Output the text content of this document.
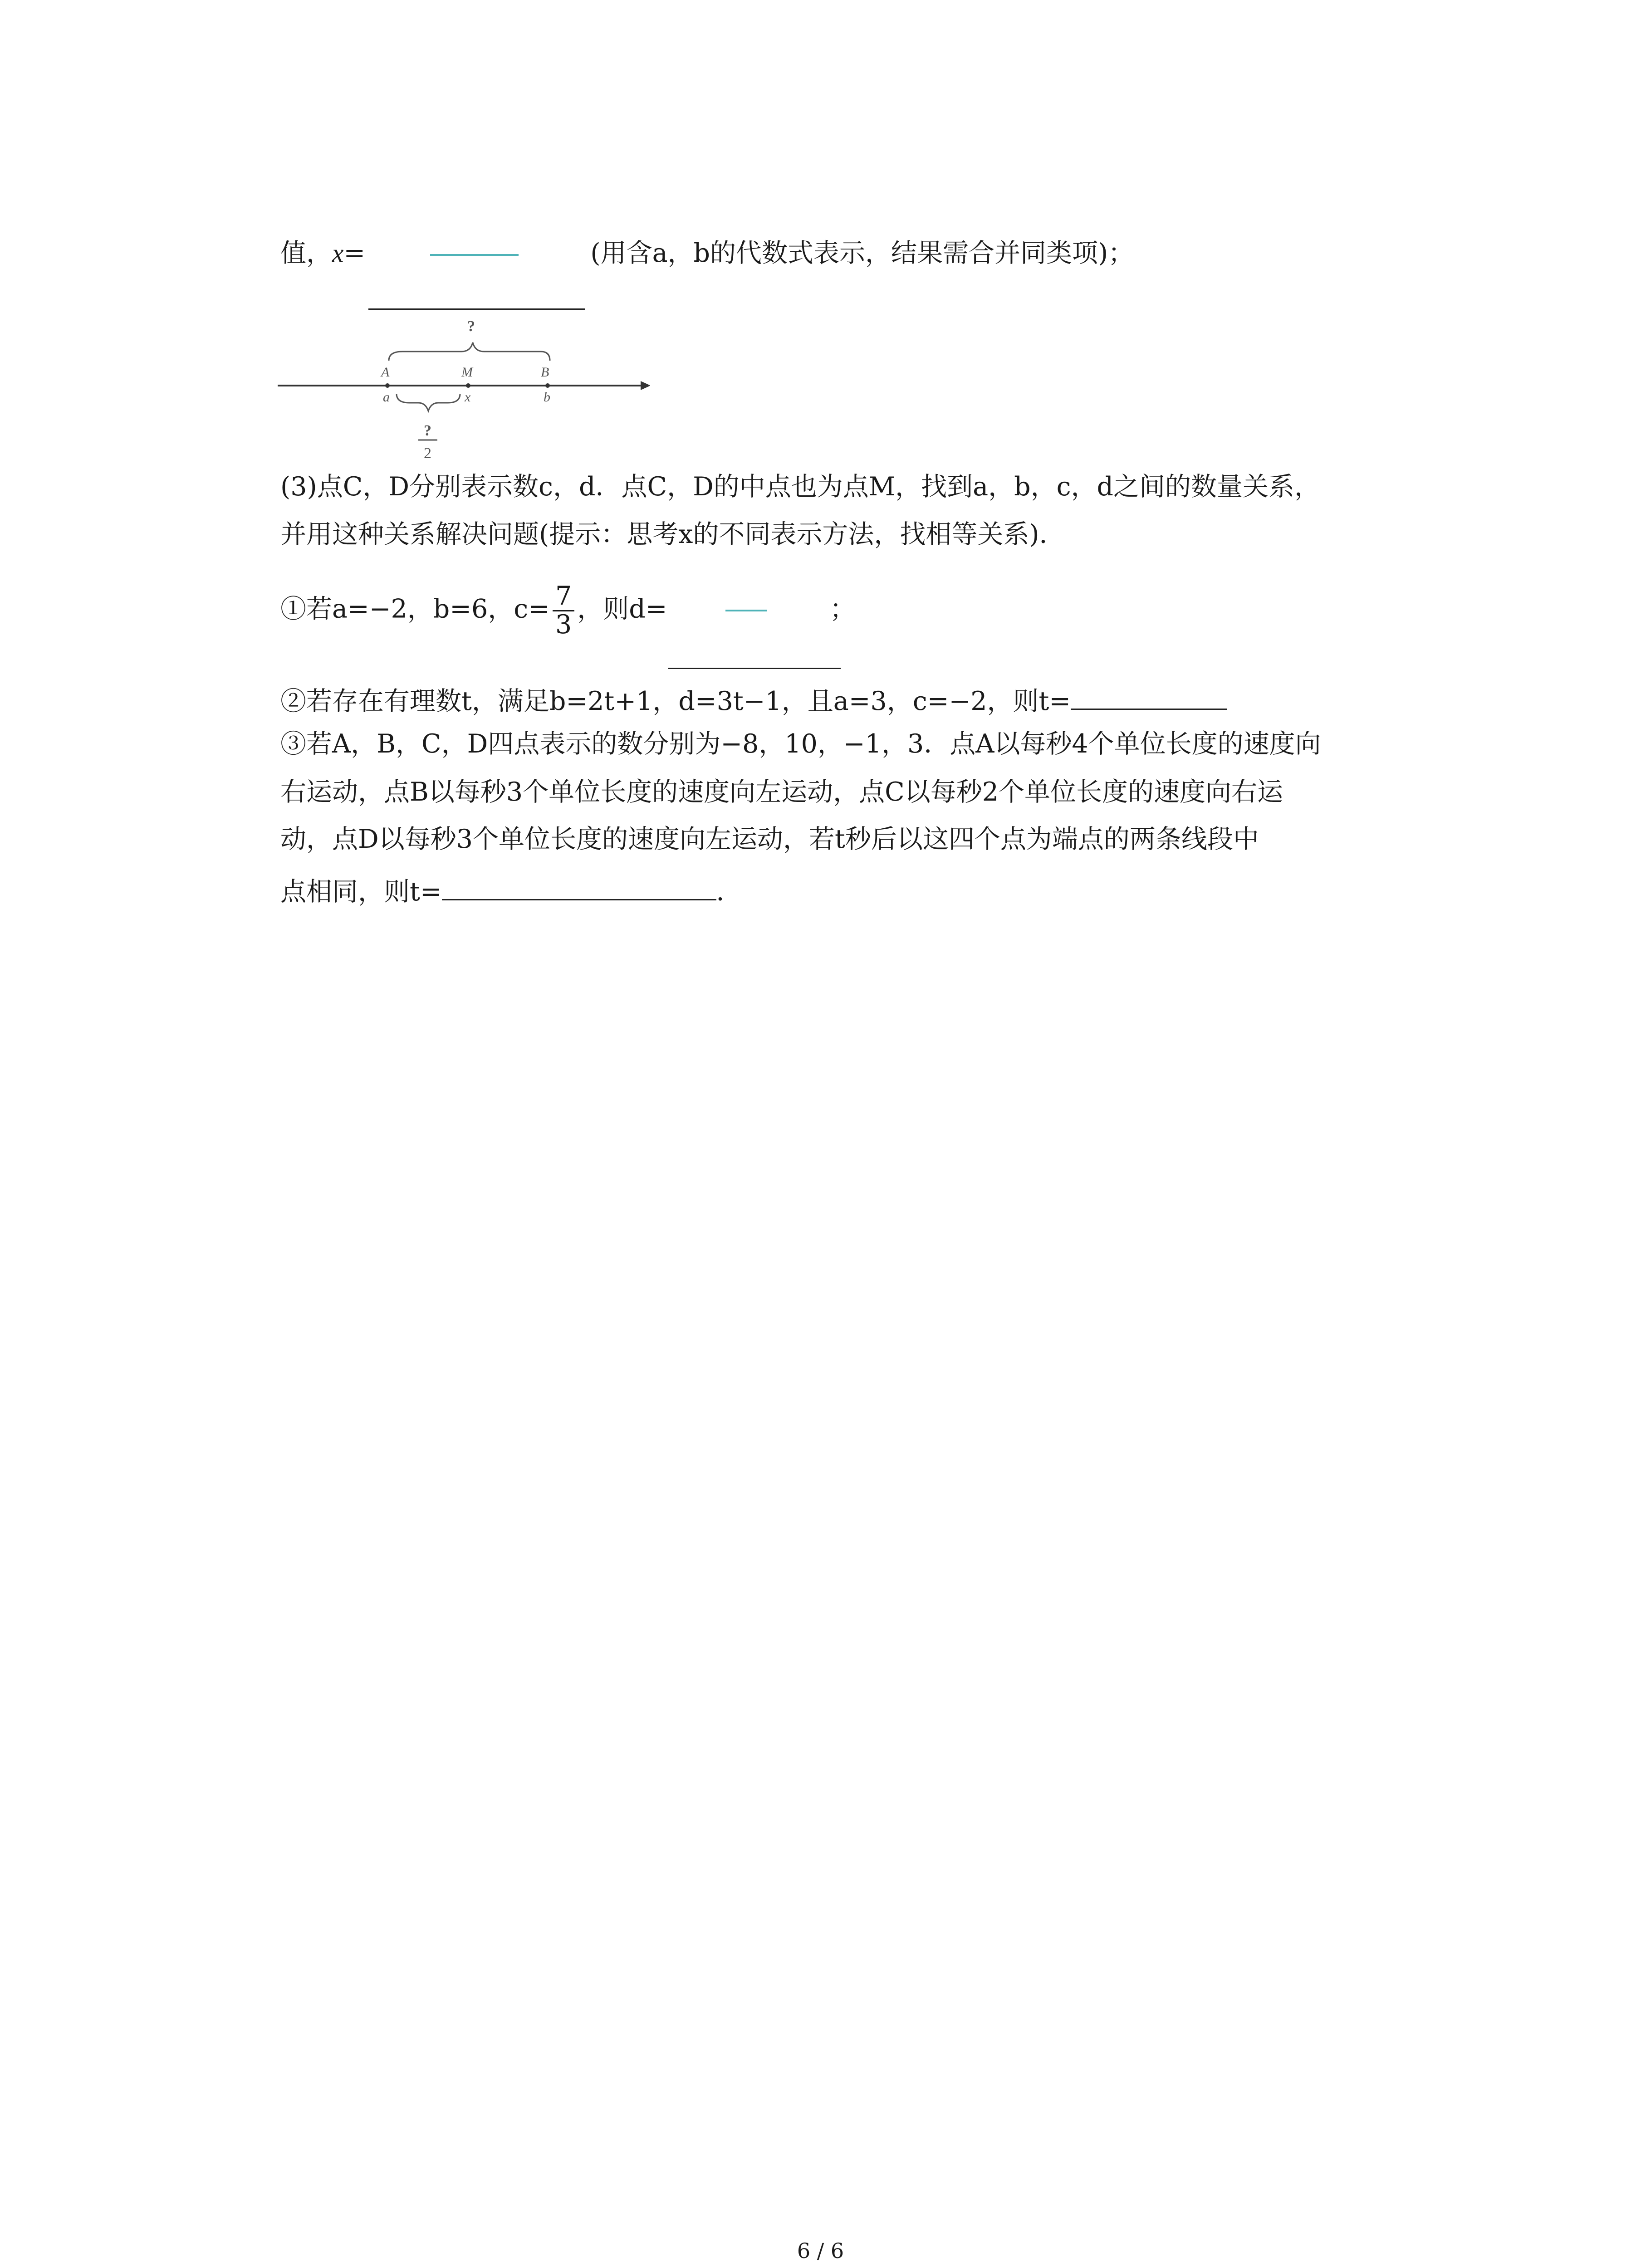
值，x=	(用含a，b的代数式表示，结果需合并同类项)；
?
A	M	B
a	x	b
?
2
(3)点C，D分别表示数c，d．点C，D的中点也为点M，找到a，b，c，d之间的数量关系，
并用这种关系解决问题(提示：思考x的不同表示方法，找相等关系)．
①若a=−2，b=6，$c= \frac{7}{3}$ ，则d=	；
②若存在有理数t，满足b=2t+1，d=3t−1，且a=3，c=−2，则t=
③若A，B，C，D四点表示的数分别为−8，10，−1，3．点A以每秒4个单位长度的速度向
右运动，点B以每秒3个单位长度的速度向左运动，点C以每秒2个单位长度的速度向右运
动，点D以每秒3个单位长度的速度向左运动，若t秒后以这四个点为端点的两条线段中
点相同，则t=	．
6 / 6
